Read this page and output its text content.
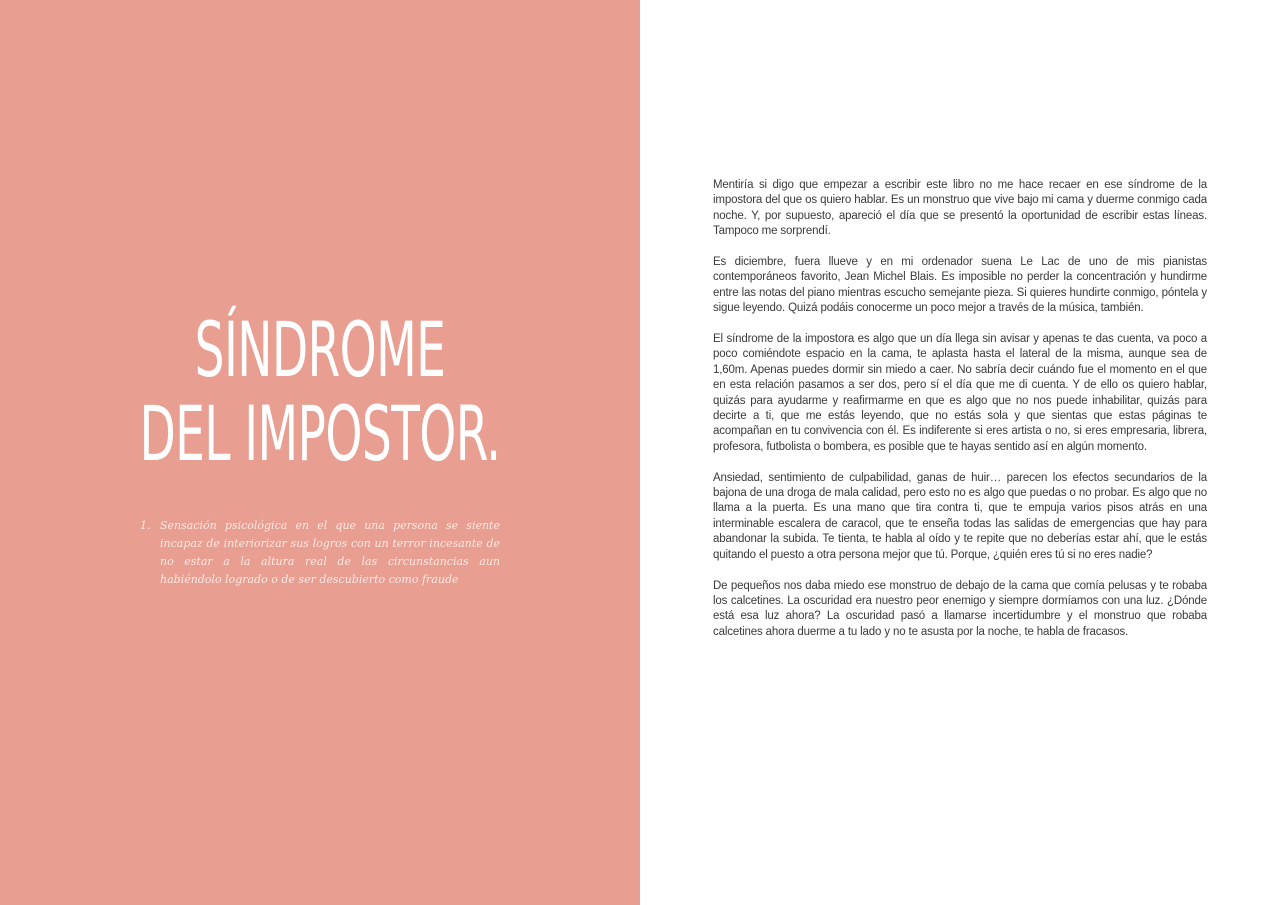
SÍNDROME
DEL IMPOSTOR.
1. Sensación psicológica en el que una persona se siente incapaz de interiorizar sus logros con un terror incesante de no estar a la altura real de las circunstancias aun habiéndolo logrado o de ser descubierto como fraude

Mentiría si digo que empezar a escribir este libro no me hace recaer en ese síndrome de la impostora del que os quiero hablar. Es un monstruo que vive bajo mi cama y duerme conmigo cada noche. Y, por supuesto, apareció el día que se presentó la oportunidad de escribir estas líneas. Tampoco me sorprendí.

Es diciembre, fuera llueve y en mi ordenador suena Le Lac de uno de mis pianistas contemporáneos favorito, Jean Michel Blais. Es imposible no perder la concentración y hundirme entre las notas del piano mientras escucho semejante pieza. Si quieres hundirte conmigo, póntela y sigue leyendo. Quizá podáis conocerme un poco mejor a través de la música, también.

El síndrome de la impostora es algo que un día llega sin avisar y apenas te das cuenta, va poco a poco comiéndote espacio en la cama, te aplasta hasta el lateral de la misma, aunque sea de 1,60m. Apenas puedes dormir sin miedo a caer. No sabría decir cuándo fue el momento en el que en esta relación pasamos a ser dos, pero sí el día que me di cuenta. Y de ello os quiero hablar, quizás para ayudarme y reafirmarme en que es algo que no nos puede inhabilitar, quizás para decirte a ti, que me estás leyendo, que no estás sola y que sientas que estas páginas te acompañan en tu convivencia con él. Es indiferente si eres artista o no, si eres empresaria, librera, profesora, futbolista o bombera, es posible que te hayas sentido así en algún momento.

Ansiedad, sentimiento de culpabilidad, ganas de huir… parecen los efectos secundarios de la bajona de una droga de mala calidad, pero esto no es algo que puedas o no probar. Es algo que no llama a la puerta. Es una mano que tira contra ti, que te empuja varios pisos atrás en una interminable escalera de caracol, que te enseña todas las salidas de emergencias que hay para abandonar la subida. Te tienta, te habla al oído y te repite que no deberías estar ahí, que le estás quitando el puesto a otra persona mejor que tú. Porque, ¿quién eres tú si no eres nadie?

De pequeños nos daba miedo ese monstruo de debajo de la cama que comía pelusas y te robaba los calcetines. La oscuridad era nuestro peor enemigo y siempre dormíamos con una luz. ¿Dónde está esa luz ahora? La oscuridad pasó a llamarse incertidumbre y el monstruo que robaba calcetines ahora duerme a tu lado y no te asusta por la noche, te habla de fracasos.
